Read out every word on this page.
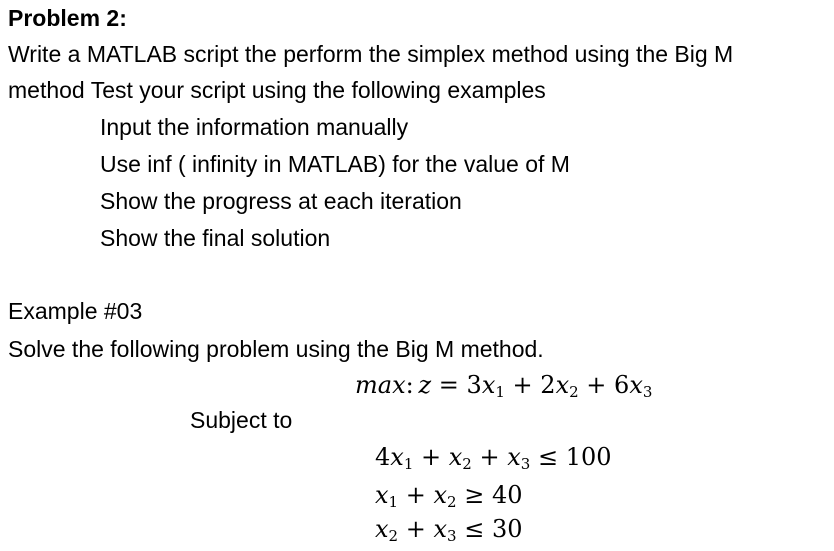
Problem 2:
Write a MATLAB script the perform the simplex method using the Big M
method Test your script using the following examples
Input the information manually
Use inf ( infinity in MATLAB) for the value of M
Show the progress at each iteration
Show the final solution
Example #03
Solve the following problem using the Big M method.
max: $z = 3x_1 + 2x_2 + 6x_3$
Subject to
$4x_1 + x_2 + x_3 \le 100$
$x_1 + x_2 \ge 40$
$x_2 + x_3 \le 30$
